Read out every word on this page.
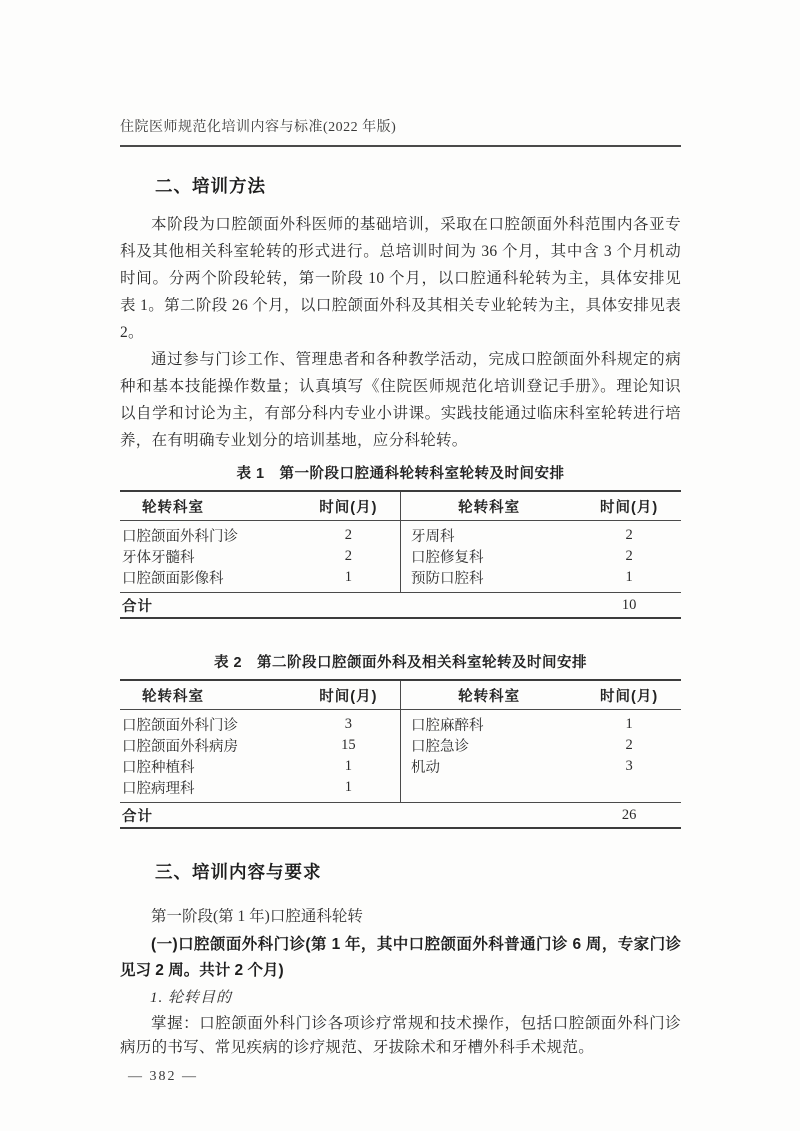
住院医师规范化培训内容与标准(2022 年版)
二、培训方法

本阶段为口腔颌面外科医师的基础培训，采取在口腔颌面外科范围内各亚专科及其他相关科室轮转的形式进行。总培训时间为 36 个月，其中含 3 个月机动时间。分两个阶段轮转，第一阶段 10 个月，以口腔通科轮转为主，具体安排见表 1。第二阶段 26 个月，以口腔颌面外科及其相关专业轮转为主，具体安排见表 2。

通过参与门诊工作、管理患者和各种教学活动，完成口腔颌面外科规定的病种和基本技能操作数量；认真填写《住院医师规范化培训登记手册》。理论知识以自学和讨论为主，有部分科内专业小讲课。实践技能通过临床科室轮转进行培养，在有明确专业划分的培训基地，应分科轮转。

表 1　第一阶段口腔通科轮转科室轮转及时间安排
轮转科室	时间(月)	轮转科室	时间(月)
口腔颌面外科门诊	2	牙周科	2
牙体牙髓科	2	口腔修复科	2
口腔颌面影像科	1	预防口腔科	1
合计			10
表 2　第二阶段口腔颌面外科及相关科室轮转及时间安排
轮转科室	时间(月)	轮转科室	时间(月)
口腔颌面外科门诊	3	口腔麻醉科	1
口腔颌面外科病房	15	口腔急诊	2
口腔种植科	1	机动	3
口腔病理科	1		
合计			26
三、培训内容与要求

第一阶段(第 1 年)口腔通科轮转

(一)口腔颌面外科门诊(第 1 年，其中口腔颌面外科普通门诊 6 周，专家门诊见习 2 周。共计 2 个月)

1. 轮转目的

掌握：口腔颌面外科门诊各项诊疗常规和技术操作，包括口腔颌面外科门诊病历的书写、常见疾病的诊疗规范、牙拔除术和牙槽外科手术规范。

— 382 —
